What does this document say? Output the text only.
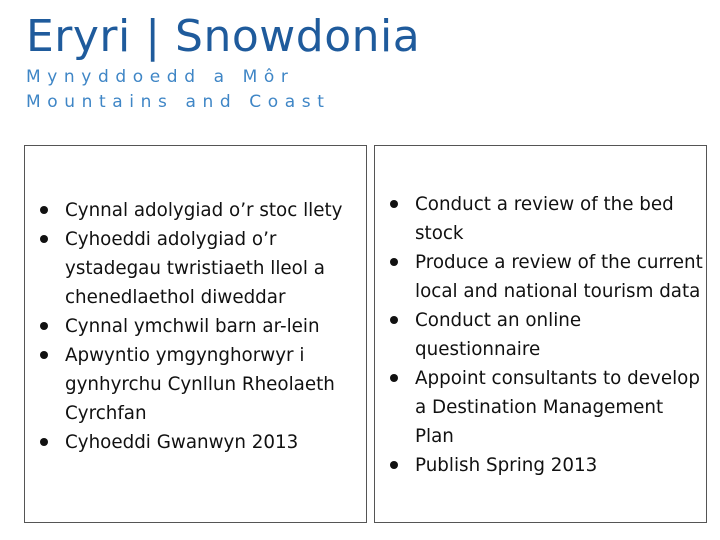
Eryri | Snowdonia
Mynyddoedd a Môr
Mountains and Coast
Cynnal adolygiad o’r stoc llety
Cyhoeddi adolygiad o’r ystadegau twristiaeth lleol a chenedlaethol diweddar
Cynnal ymchwil barn ar-lein
Apwyntio ymgynghorwyr i gynhyrchu Cynllun Rheolaeth Cyrchfan
Cyhoeddi Gwanwyn 2013
Conduct a review of the bed stock
Produce a review of the current local and national tourism data
Conduct an online questionnaire
Appoint consultants to develop a Destination Management Plan
Publish Spring 2013
